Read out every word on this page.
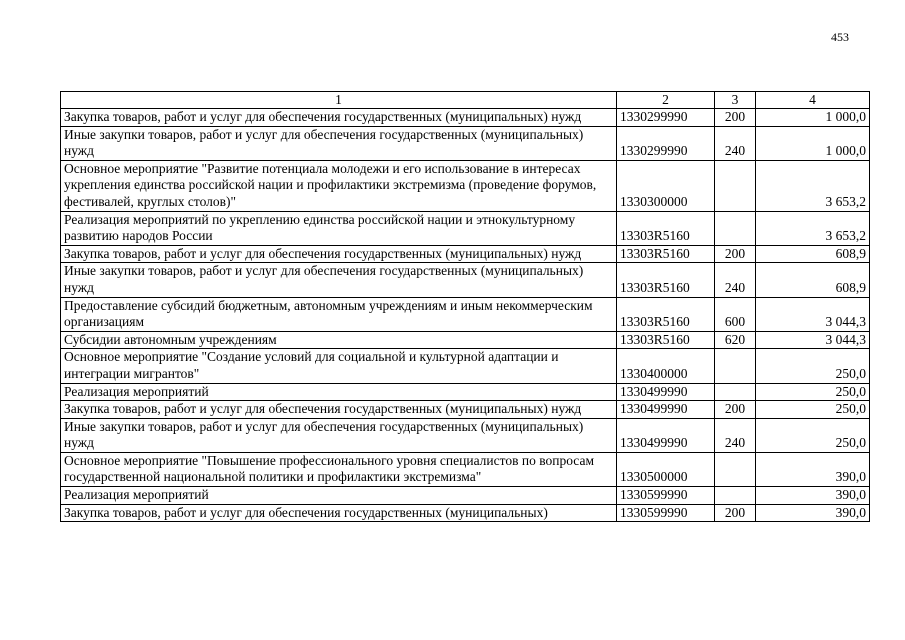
453
1	2	3	4
Закупка товаров, работ и услуг для обеспечения государственных (муниципальных) нужд	1330299990	200	1 000,0
Иные закупки товаров, работ и услуг для обеспечения государственных (муниципальных) нужд	1330299990	240	1 000,0
Основное мероприятие "Развитие потенциала молодежи и его использование в интересах укрепления единства российской нации и профилактики экстремизма (проведение форумов, фестивалей, круглых столов)"	1330300000		3 653,2
Реализация мероприятий по укреплению единства российской нации и этнокультурному развитию народов России	13303R5160		3 653,2
Закупка товаров, работ и услуг для обеспечения государственных (муниципальных) нужд	13303R5160	200	608,9
Иные закупки товаров, работ и услуг для обеспечения государственных (муниципальных) нужд	13303R5160	240	608,9
Предоставление субсидий бюджетным, автономным учреждениям и иным некоммерческим организациям	13303R5160	600	3 044,3
Субсидии автономным учреждениям	13303R5160	620	3 044,3
Основное мероприятие "Создание условий для социальной и культурной адаптации и интеграции мигрантов"	1330400000		250,0
Реализация мероприятий	1330499990		250,0
Закупка товаров, работ и услуг для обеспечения государственных (муниципальных) нужд	1330499990	200	250,0
Иные закупки товаров, работ и услуг для обеспечения государственных (муниципальных) нужд	1330499990	240	250,0
Основное мероприятие "Повышение профессионального уровня специалистов по вопросам государственной национальной политики и профилактики экстремизма"	1330500000		390,0
Реализация мероприятий	1330599990		390,0
Закупка товаров, работ и услуг для обеспечения государственных (муниципальных)	1330599990	200	390,0
